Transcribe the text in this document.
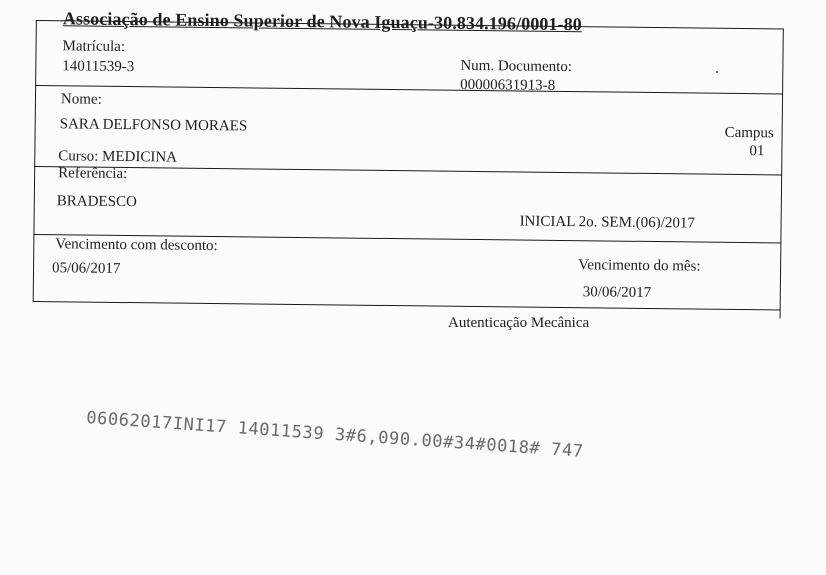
Associação de Ensino Superior de Nova Iguaçu-30.834.196/0001-80
Matrícula:
14011539-3	Num. Documento:
00000631913-8
Nome:
SARA DELFONSO MORAES	Campus
01
Curso: MEDICINA
Referência:
BRADESCO
INICIAL 2o. SEM.(06)/2017
Vencimento com desconto:
05/06/2017	Vencimento do mês:
30/06/2017
Autenticação Mecânica
06062017INI17 14011539 3#6,090.00#34#0018# 747
